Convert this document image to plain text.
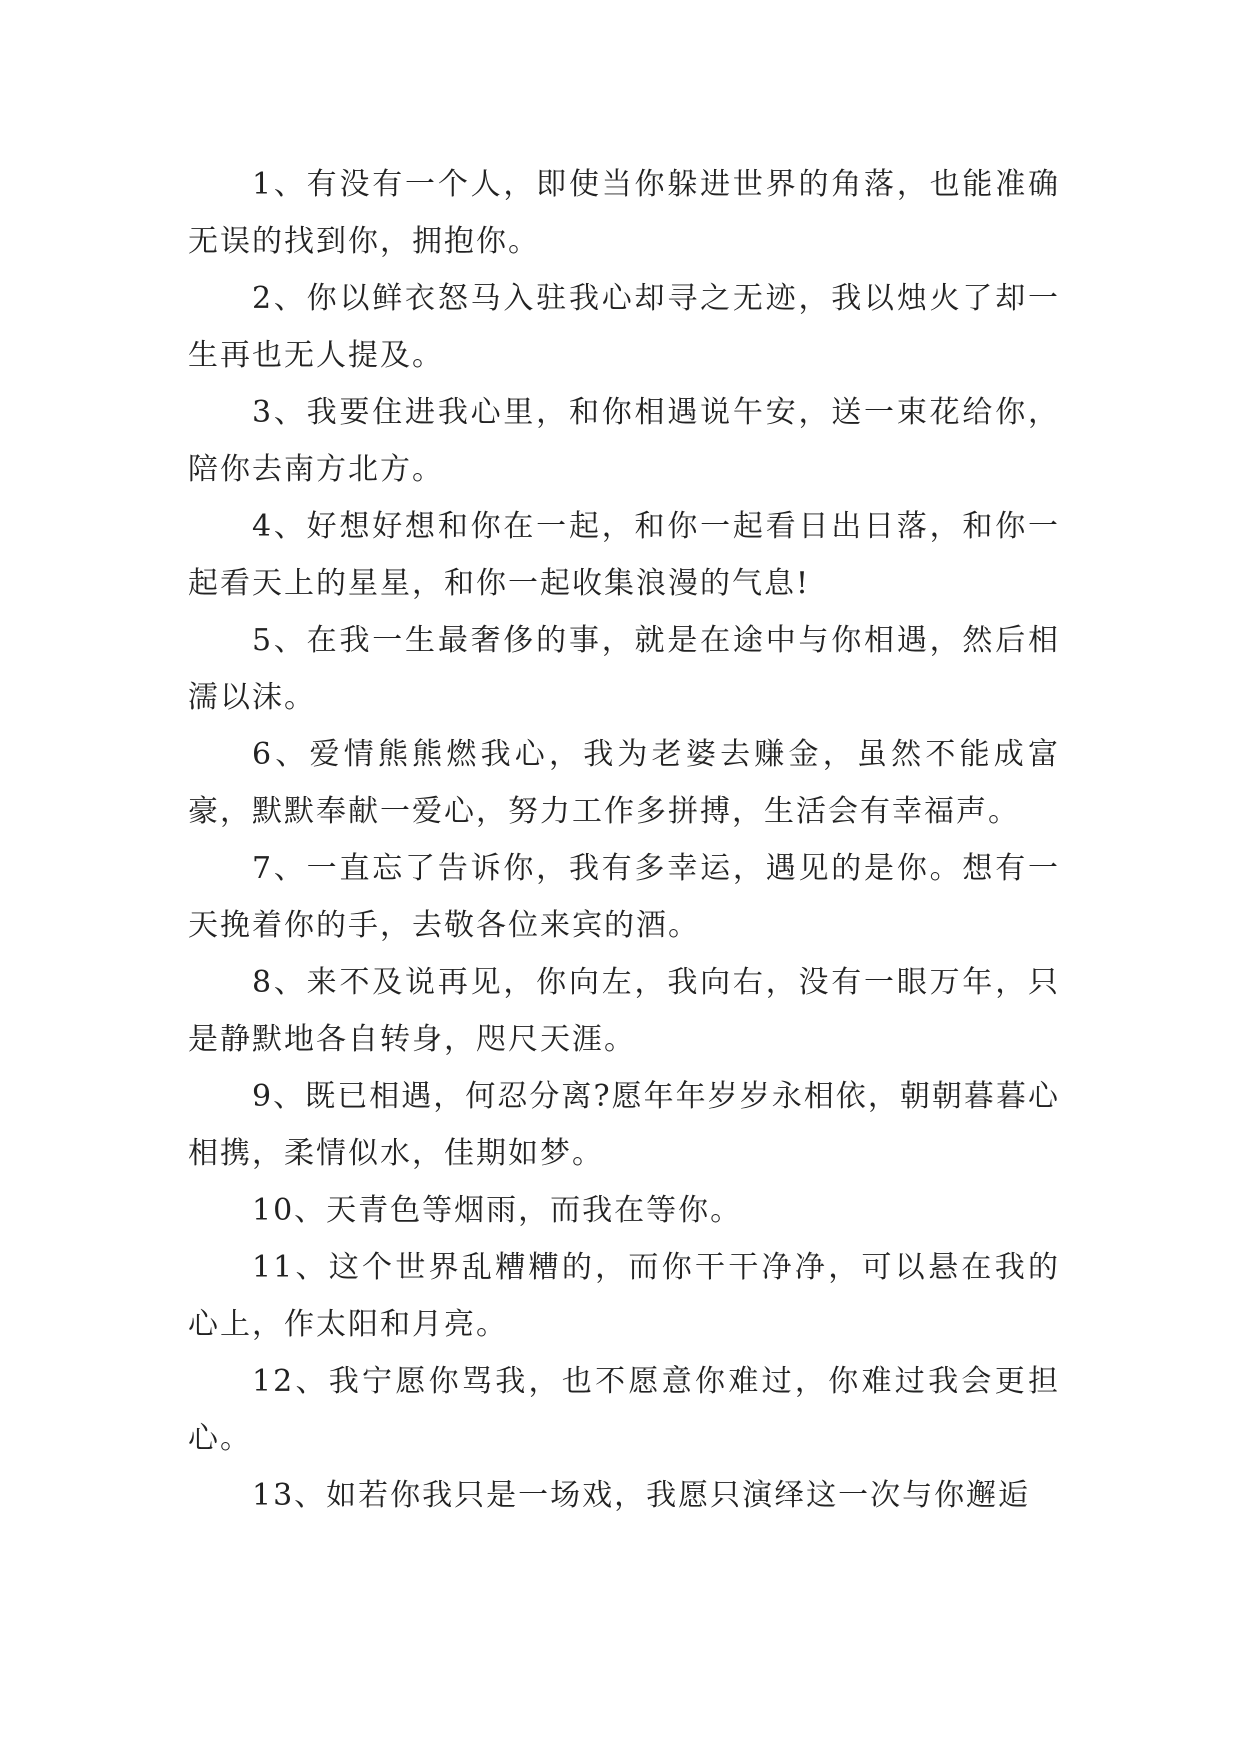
1、有没有一个人，即使当你躲进世界的角落，也能准确无误的找到你，拥抱你。

2、你以鲜衣怒马入驻我心却寻之无迹，我以烛火了却一生再也无人提及。

3、我要住进我心里，和你相遇说午安，送一束花给你，陪你去南方北方。

4、好想好想和你在一起，和你一起看日出日落，和你一起看天上的星星，和你一起收集浪漫的气息!

5、在我一生最奢侈的事，就是在途中与你相遇，然后相濡以沫。

6、爱情熊熊燃我心，我为老婆去赚金，虽然不能成富豪，默默奉献一爱心，努力工作多拼搏，生活会有幸福声。

7、一直忘了告诉你，我有多幸运，遇见的是你。想有一天挽着你的手，去敬各位来宾的酒。

8、来不及说再见，你向左，我向右，没有一眼万年，只是静默地各自转身，咫尺天涯。

9、既已相遇，何忍分离?愿年年岁岁永相依，朝朝暮暮心相携，柔情似水，佳期如梦。

10、天青色等烟雨，而我在等你。

11、这个世界乱糟糟的，而你干干净净，可以悬在我的心上，作太阳和月亮。

12、我宁愿你骂我，也不愿意你难过，你难过我会更担心。

13、如若你我只是一场戏，我愿只演绎这一次与你邂逅
